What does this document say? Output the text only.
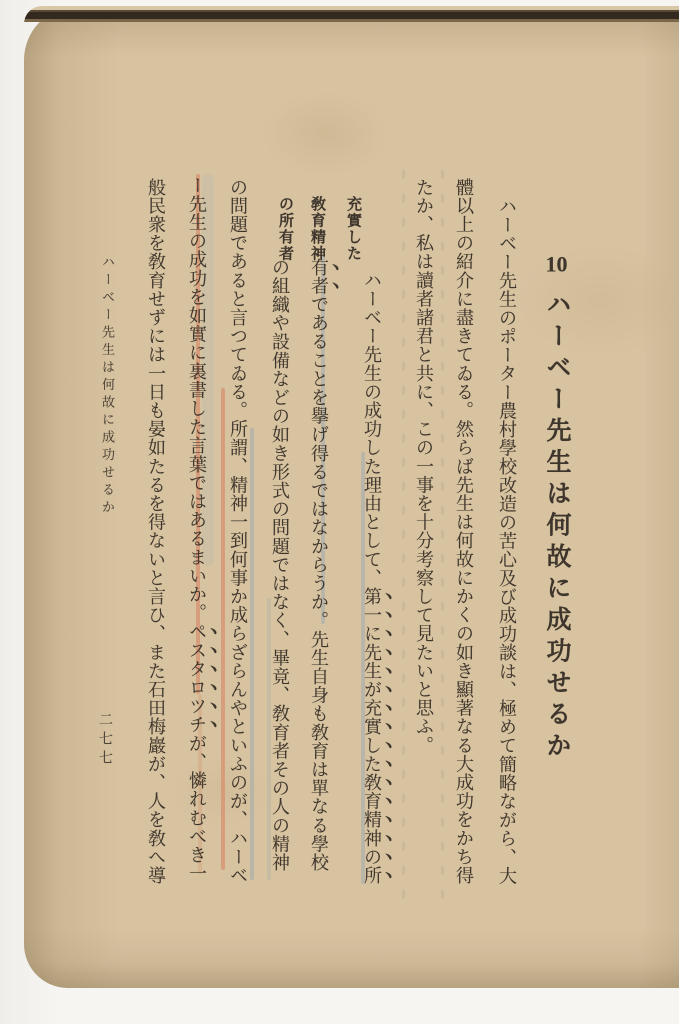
10ハーベー先生は何故に成功せるか
ハーベー先生のポーター農村學校改造の苦心及び成功談は、極めて簡略ながら、大
體以上の紹介に盡きてゐる。然らば先生は何故にかくの如き顯著なる大成功をかち得
たか、私は讀者諸君と共に、この一事を十分考察して見たいと思ふ。
充實した
敎育精神
の所有者
ハーベー先生の成功した理由として、第一に先生が充實した敎育精神の所
有者であることを擧げ得るではなからうか。先生自身も敎育は單なる學校
の組織や設備などの如き形式の問題ではなく、畢竟、敎育者その人の精神
の問題であると言つてゐる。所謂、精神一到何事か成らざらんやといふのが、ハーベ
ー先生の成功を如實に裏書した言葉ではあるまいか。ペスタロツチが、憐れむべき一
般民衆を敎育せずには一日も晏如たるを得ないと言ひ、また石田梅巖が、人を敎へ導
ハーベー先生は何故に成功せるか
二七七
